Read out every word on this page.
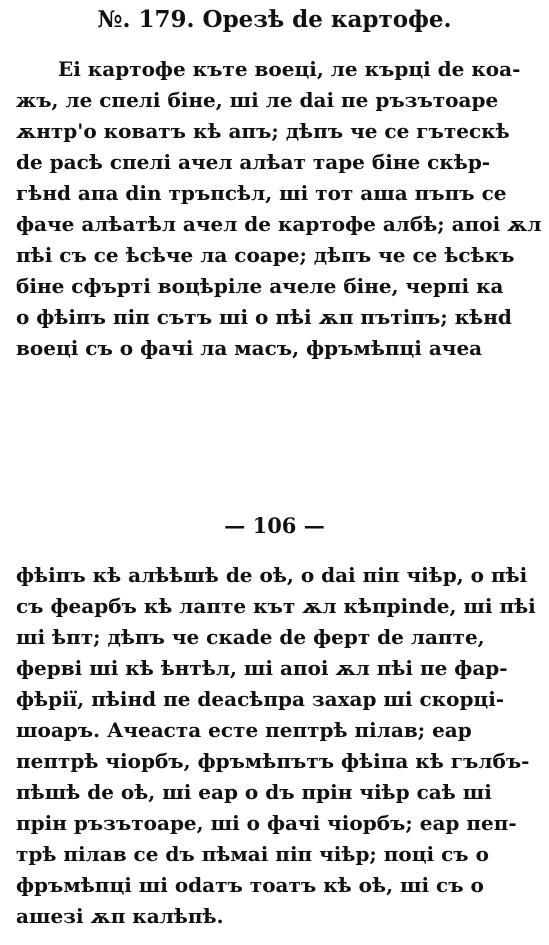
№. 179. Орезѣ de картофе.
Еі картофе къте воеці, ле кърці de коа-
жъ, ле спелі біне, ші ле dai пе ръзътоаре
ѫнтр'о коватъ кѣ апъ; дѣпъ че се гътескѣ
de расѣ спелі ачел алѣат таре біне скѣр-
гѣнd апа din тръпсѣл, ші тот аша пъпъ се
фаче алѣатѣл ачел de картофе албѣ; апоі ѫл
пѣі съ се ѣсѣче ла соаре; дѣпъ че се ѣсѣкъ
біне сфърті воцѣріле ачеле біне, черпі ка
о фѣіпъ піп сътъ ші о пѣі ѫп пътіпъ; кѣнd
воеці съ о фачі ла масъ, фръмѣпці ачеа
— 106 —
фѣіпъ кѣ алѣѣшѣ de оѣ, о dai піп чіѣр, о пѣі
съ феарбъ кѣ лапте кът ѫл кѣпріnde, ші пѣі
ші ѣпт; дѣпъ че скаde de ферт de лапте,
ферві ші кѣ ѣнтѣл, ші апоі ѫл пѣі пе фар-
фѣрії, пѣінd пе deaсѣпра захар ші скорці-
шоаръ. Ачеаста есте пептрѣ пілав; еар
пептрѣ чіорбъ, фръмѣпътъ фѣіпа кѣ гълбъ-
пѣшѣ de оѣ, ші еар о dъ прін чіѣр саѣ ші
прін ръзътоаре, ші о фачі чіорбъ; еар пеп-
трѣ пілав се dъ пѣмаі піп чіѣр; поці съ о
фръмѣпці ші оdатъ тоатъ кѣ оѣ, ші съ о
ашезі ѫп калѣпѣ.
